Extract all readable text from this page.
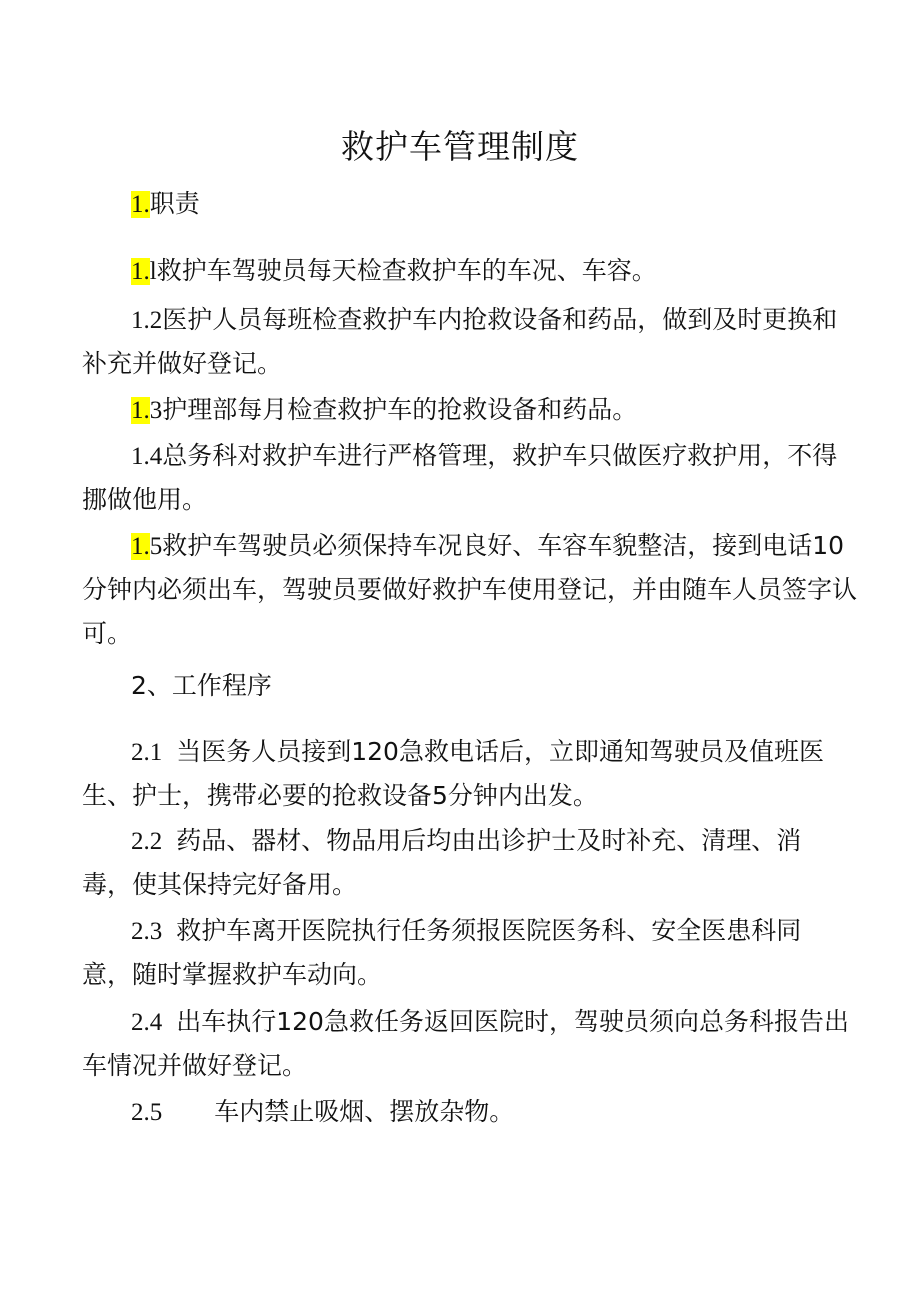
救护车管理制度
1.职责
1.l救护车驾驶员每天检查救护车的车况、车容。
1.2医护人员每班检查救护车内抢救设备和药品，做到及时更换和
补充并做好登记。
1.3护理部每月检查救护车的抢救设备和药品。
1.4总务科对救护车进行严格管理，救护车只做医疗救护用，不得
挪做他用。
1.5救护车驾驶员必须保持车况良好、车容车貌整洁，接到电话10
分钟内必须出车，驾驶员要做好救护车使用登记，并由随车人员签字认
可。
2、工作程序
2.1 当医务人员接到120急救电话后，立即通知驾驶员及值班医
生、护士，携带必要的抢救设备5分钟内出发。
2.2 药品、器材、物品用后均由出诊护士及时补充、清理、消
毒，使其保持完好备用。
2.3 救护车离开医院执行任务须报医院医务科、安全医患科同
意，随时掌握救护车动向。
2.4 出车执行120急救任务返回医院时，驾驶员须向总务科报告出
车情况并做好登记。
2.5 车内禁止吸烟、摆放杂物。
